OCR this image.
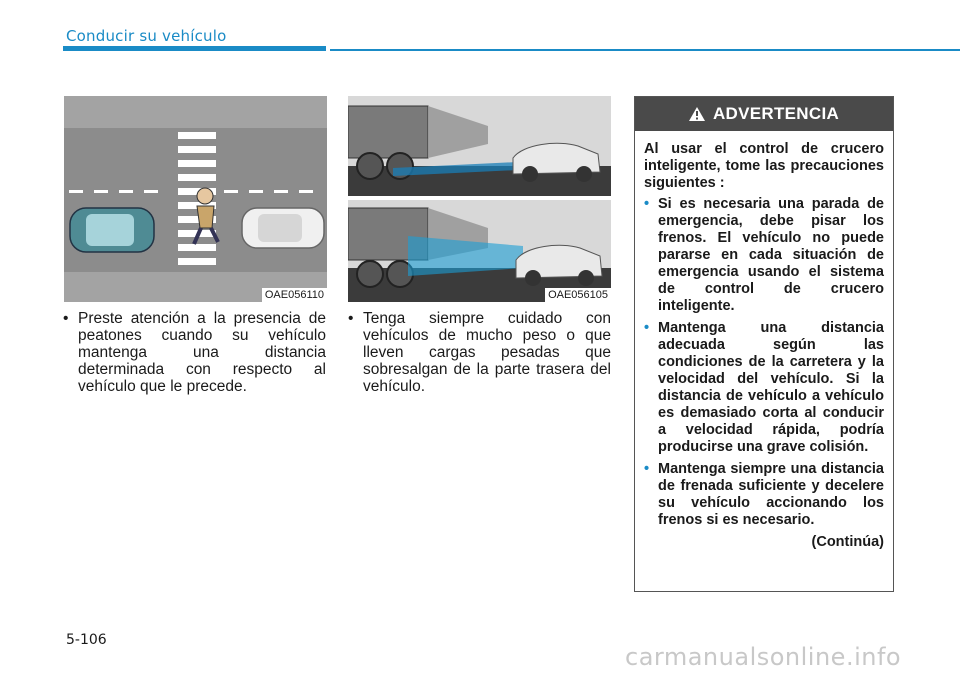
Conducir su vehículo
OAE056110	OAE056105
• Preste atención a la presencia de peatones cuando su vehículo mantenga una distancia determinada con respecto al vehículo que le precede.
• Tenga siempre cuidado con vehículos de mucho peso o que lleven cargas pesadas que sobresalgan de la parte trasera del vehículo.
ADVERTENCIA

Al usar el control de crucero inteligente, tome las precauciones siguientes :

• Si es necesaria una parada de emergencia, debe pisar los frenos. El vehículo no puede pararse en cada situación de emergencia usando el sistema de control de crucero inteligente.
• Mantenga una distancia adecuada según las condiciones de la carretera y la velocidad del vehículo. Si la distancia de vehículo a vehículo es demasiado corta al conducir a velocidad rápida, podría producirse una grave colisión.
• Mantenga siempre una distancia de frenada suficiente y decelere su vehículo accionando los frenos si es necesario.
(Continúa)
5-106
carmanualsonline.info
